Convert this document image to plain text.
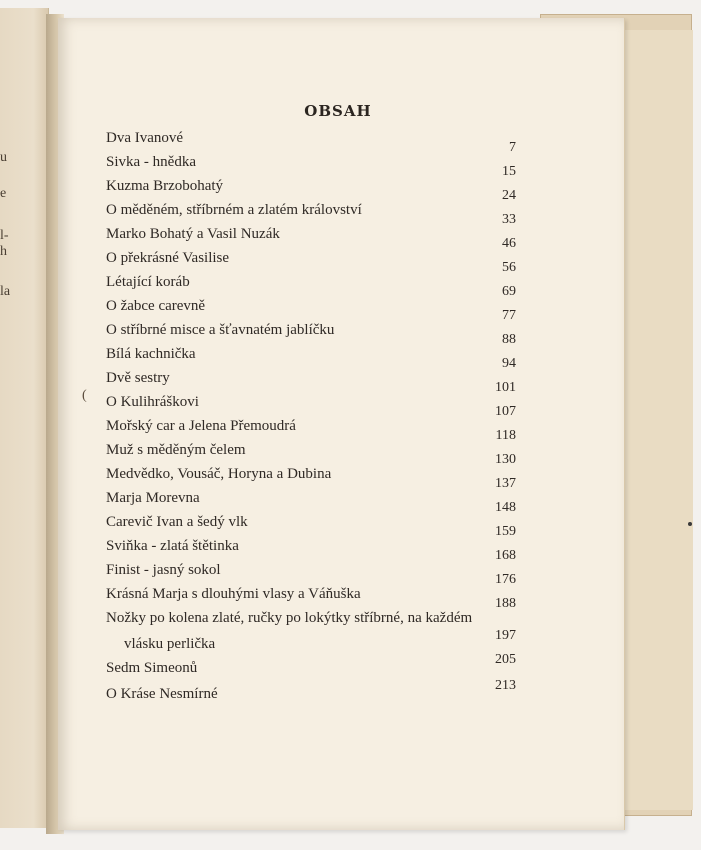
u
e
l-
h
la
OBSAH
(
Dva Ivanové
7
Sivka - hnědka
15
Kuzma Brzobohatý
24
O měděném, stříbrném a zlatém království
33
Marko Bohatý a Vasil Nuzák
46
O překrásné Vasilise
56
Létající koráb
69
O žabce carevně
77
O stříbrné misce a šťavnatém jablíčku
88
Bílá kachnička
94
Dvě sestry
101
O Kulihráškovi
107
Mořský car a Jelena Přemoudrá
118
Muž s měděným čelem
130
Medvědko, Vousáč, Horyna a Dubina
137
Marja Morevna
148
Carevič Ivan a šedý vlk
159
Sviňka - zlatá štětinka
168
Finist - jasný sokol
176
Krásná Marja s dlouhými vlasy a Váňuška
188
Nožky po kolena zlaté, ručky po lokýtky stříbrné, na každém
vlásku perlička
197
Sedm Simeonů
205
O Kráse Nesmírné
213
